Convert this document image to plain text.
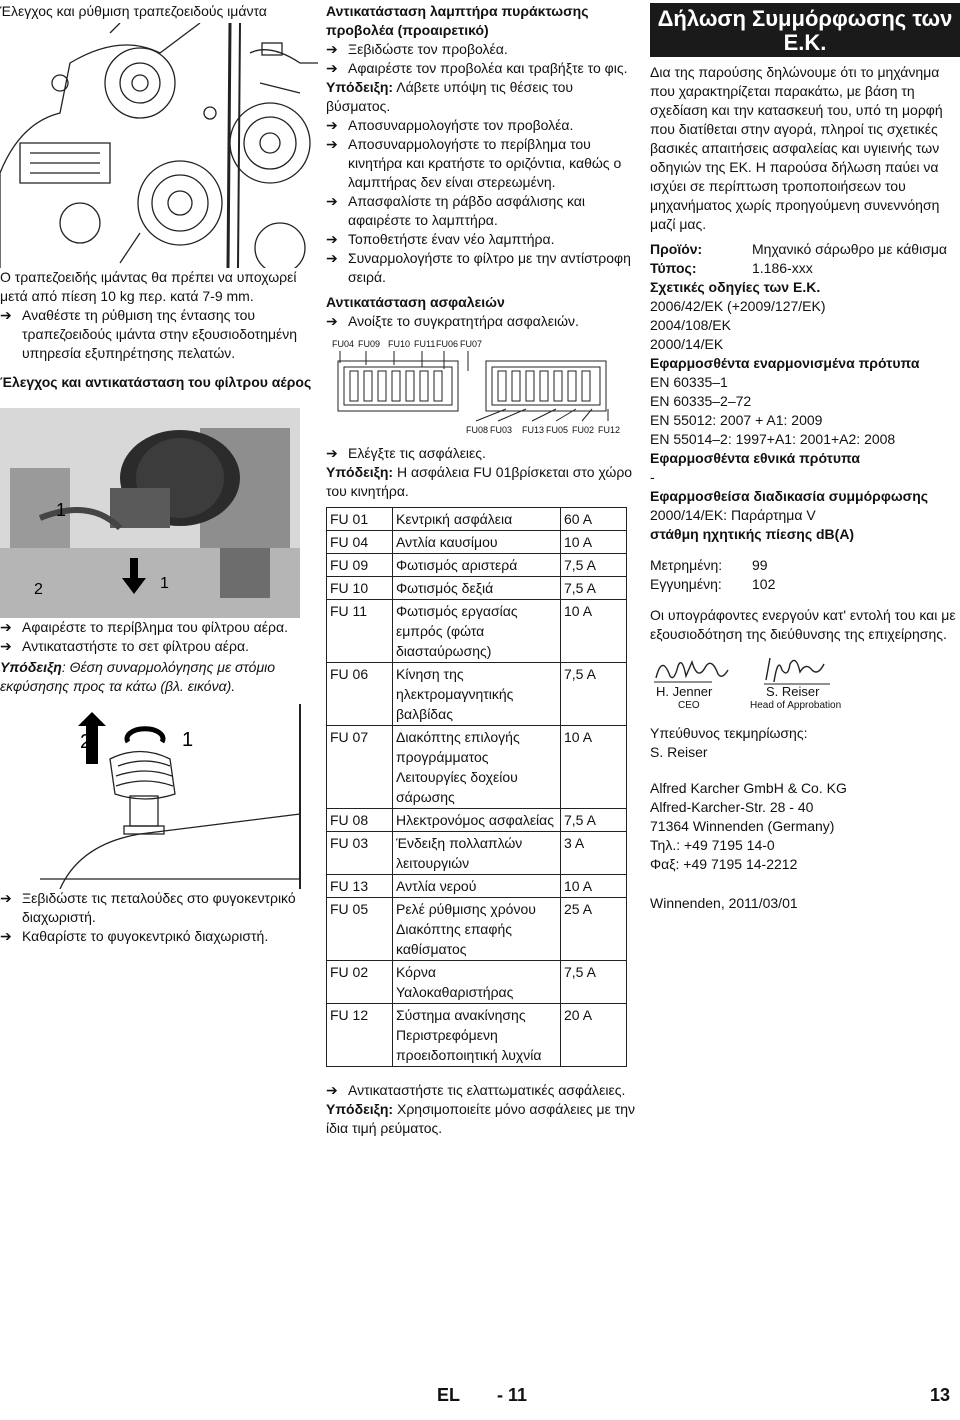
Έλεγχος και ρύθμιση τραπεζοειδούς ιμάντα
Ο τραπεζοειδής ιμάντας θα πρέπει να υποχωρεί μετά από πίεση 10 kg περ. κατά 7-9 mm.
➔ Αναθέστε τη ρύθμιση της έντασης του τραπεζοειδούς ιμάντα στην εξουσιοδοτημένη υπηρεσία εξυπηρέτησης πελατών.
Έλεγχος και αντικατάσταση του φίλτρου αέρος
1
2	1
➔ Αφαιρέστε το περίβλημα του φίλτρου αέρα.
➔ Αντικαταστήστε το σετ φίλτρου αέρα.
Υπόδειξη: Θέση συναρμολόγησης με στόμιο εκφύσησης προς τα κάτω (βλ. εικόνα).
2	1
➔ Ξεβιδώστε τις πεταλούδες στο φυγοκεντρικό διαχωριστή.
➔ Καθαρίστε το φυγοκεντρικό διαχωριστή.
Αντικατάσταση λαμπτήρα πυράκτωσης προβολέα (προαιρετικό)
➔ Ξεβιδώστε τον προβολέα.
➔ Αφαιρέστε τον προβολέα και τραβήξτε το φις.
Υπόδειξη: Λάβετε υπόψη τις θέσεις του βύσματος.
➔ Αποσυναρμολογήστε τον προβολέα.
➔ Αποσυναρμολογήστε το περίβλημα του κινητήρα και κρατήστε το οριζόντια, καθώς ο λαμπτήρας δεν είναι στερεωμένη.
➔ Απασφαλίστε τη ράβδο ασφάλισης και αφαιρέστε το λαμπτήρα.
➔ Τοποθετήστε έναν νέο λαμπτήρα.
➔ Συναρμολογήστε το φίλτρο με την αντίστροφη σειρά.
Αντικατάσταση ασφαλειών
➔ Ανοίξτε το συγκρατητήρα ασφαλειών.
FU04 FU09 FU10 FU11 FU06 FU07
FU08 FU03 FU13 FU05 FU02 FU12
➔ Ελέγξτε τις ασφάλειες.
Υπόδειξη: Η ασφάλεια FU 01βρίσκεται στο χώρο του κινητήρα.
FU 01	Κεντρική ασφάλεια	60 A
FU 04	Αντλία καυσίμου	10 A
FU 09	Φωτισμός αριστερά	7,5 A
FU 10	Φωτισμός δεξιά	7,5 A
FU 11	Φωτισμός εργασίας εμπρός (φώτα διασταύρωσης)	10 A
FU 06	Κίνηση της ηλεκτρομαγνητικής βαλβίδας	7,5 A
FU 07	Διακόπτης επιλογής προγράμματος Λειτουργίες δοχείου σάρωσης	10 A
FU 08	Ηλεκτρονόμος ασφαλείας	7,5 A
FU 03	Ένδειξη πολλαπλών λειτουργιών	3 A
FU 13	Αντλία νερού	10 A
FU 05	Ρελέ ρύθμισης χρόνου Διακόπτης επαφής καθίσματος	25 A
FU 02	Κόρνα Υαλοκαθαριστήρας	7,5 A
FU 12	Σύστημα ανακίνησης Περιστρεφόμενη προειδοποιητική λυχνία	20 A
➔ Αντικαταστήστε τις ελαττωματικές ασφάλειες.
Υπόδειξη: Χρησιμοποιείτε μόνο ασφάλειες με την ίδια τιμή ρεύματος.
Δήλωση Συμμόρφωσης των Ε.Κ.
Δια της παρούσης δηλώνουμε ότι το μηχάνημα που χαρακτηρίζεται παρακάτω, με βάση τη σχεδίαση και την κατασκευή του, υπό τη μορφή που διατίθεται στην αγορά, πληροί τις σχετικές βασικές απαιτήσεις ασφαλείας και υγιεινής των οδηγιών της ΕΚ. Η παρούσα δήλωση παύει να ισχύει σε περίπτωση τροποποιήσεων του μηχανήματος χωρίς προηγούμενη συνεννόηση μαζί μας.
Προϊόν:	Μηχανικό σάρωθρο με κάθισμα
Τύπος:	1.186-xxx
Σχετικές οδηγίες των Ε.Κ.
2006/42/ΕΚ (+2009/127/ΕΚ)
2004/108/ΕΚ
2000/14/ΕΚ
Εφαρμοσθέντα εναρμονισμένα πρότυπα
EN 60335–1
EN 60335–2–72
EN 55012: 2007 + A1: 2009
EN 55014–2: 1997+A1: 2001+A2: 2008
Εφαρμοσθέντα εθνικά πρότυπα
-
Εφαρμοσθείσα διαδικασία συμμόρφωσης
2000/14/ΕΚ: Παράρτημα V
στάθμη ηχητικής πίεσης dB(A)
Μετρημένη:	99
Εγγυημένη:	102
Οι υπογράφοντες ενεργούν κατ' εντολή του και με εξουσιοδότηση της διεύθυνσης της επιχείρησης.
H. Jenner
CEO
S. Reiser
Head of Approbation
Υπεύθυνος τεκμηρίωσης:
S. Reiser
Alfred Karcher GmbH & Co. KG
Alfred-Karcher-Str. 28 - 40
71364 Winnenden (Germany)
Τηλ.: +49 7195 14-0
Φαξ: +49 7195 14-2212
Winnenden, 2011/03/01
EL - 11	13
